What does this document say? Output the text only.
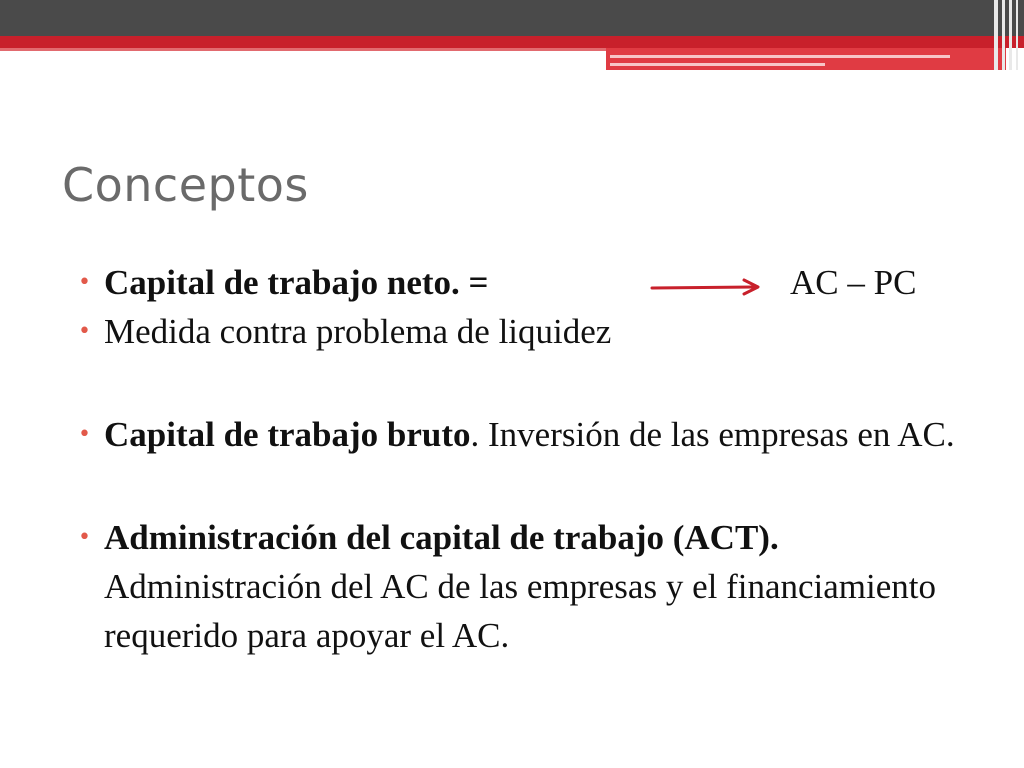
Conceptos
• Capital de trabajo neto. =
• Medida contra problema de liquidez
• Capital de trabajo bruto. Inversión de las empresas en AC.
• Administración del capital de trabajo (ACT). Administración del AC de las empresas y el financiamiento requerido para apoyar el AC.
AC – PC
